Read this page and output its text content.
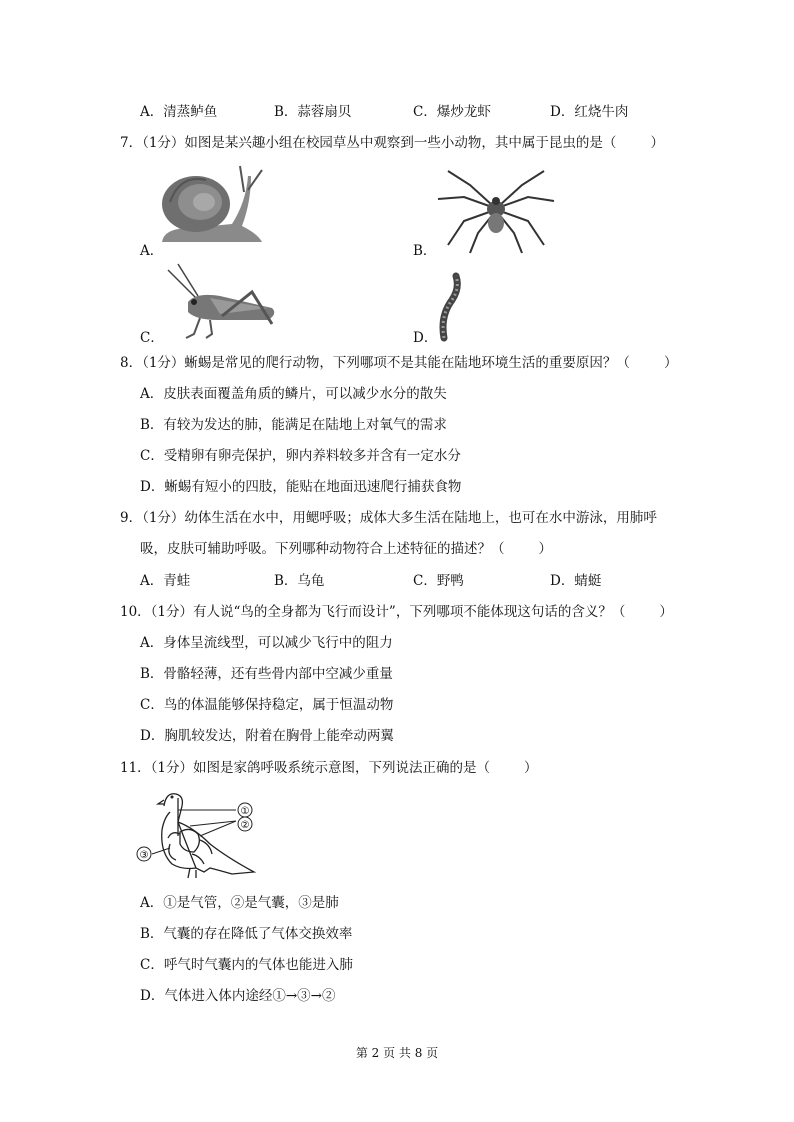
A．清蒸鲈鱼	B．蒜蓉扇贝	C．爆炒龙虾	D．红烧牛肉
7．（1分）如图是某兴趣小组在校园草丛中观察到一些小动物，其中属于昆虫的是（	）
A．	B．
C．	D．
8．（1分）蜥蜴是常见的爬行动物，下列哪项不是其能在陆地环境生活的重要原因？（	）
A．皮肤表面覆盖角质的鳞片，可以减少水分的散失
B．有较为发达的肺，能满足在陆地上对氧气的需求
C．受精卵有卵壳保护，卵内养料较多并含有一定水分
D．蜥蜴有短小的四肢，能贴在地面迅速爬行捕获食物
9．（1分）幼体生活在水中，用鳃呼吸；成体大多生活在陆地上，也可在水中游泳，用肺呼
吸，皮肤可辅助呼吸。下列哪种动物符合上述特征的描述？（	）
A．青蛙	B．乌龟	C．野鸭	D．蜻蜓
10．（1分）有人说“鸟的全身都为飞行而设计”，下列哪项不能体现这句话的含义？（	）
A．身体呈流线型，可以减少飞行中的阻力
B．骨骼轻薄，还有些骨内部中空减少重量
C．鸟的体温能够保持稳定，属于恒温动物
D．胸肌较发达，附着在胸骨上能牵动两翼
11．（1分）如图是家鸽呼吸系统示意图，下列说法正确的是（	）
①
②
③
A．①是气管，②是气囊，③是肺
B．气囊的存在降低了气体交换效率
C．呼气时气囊内的气体也能进入肺
D．气体进入体内途经①→③→②
第 2 页 共 8 页
